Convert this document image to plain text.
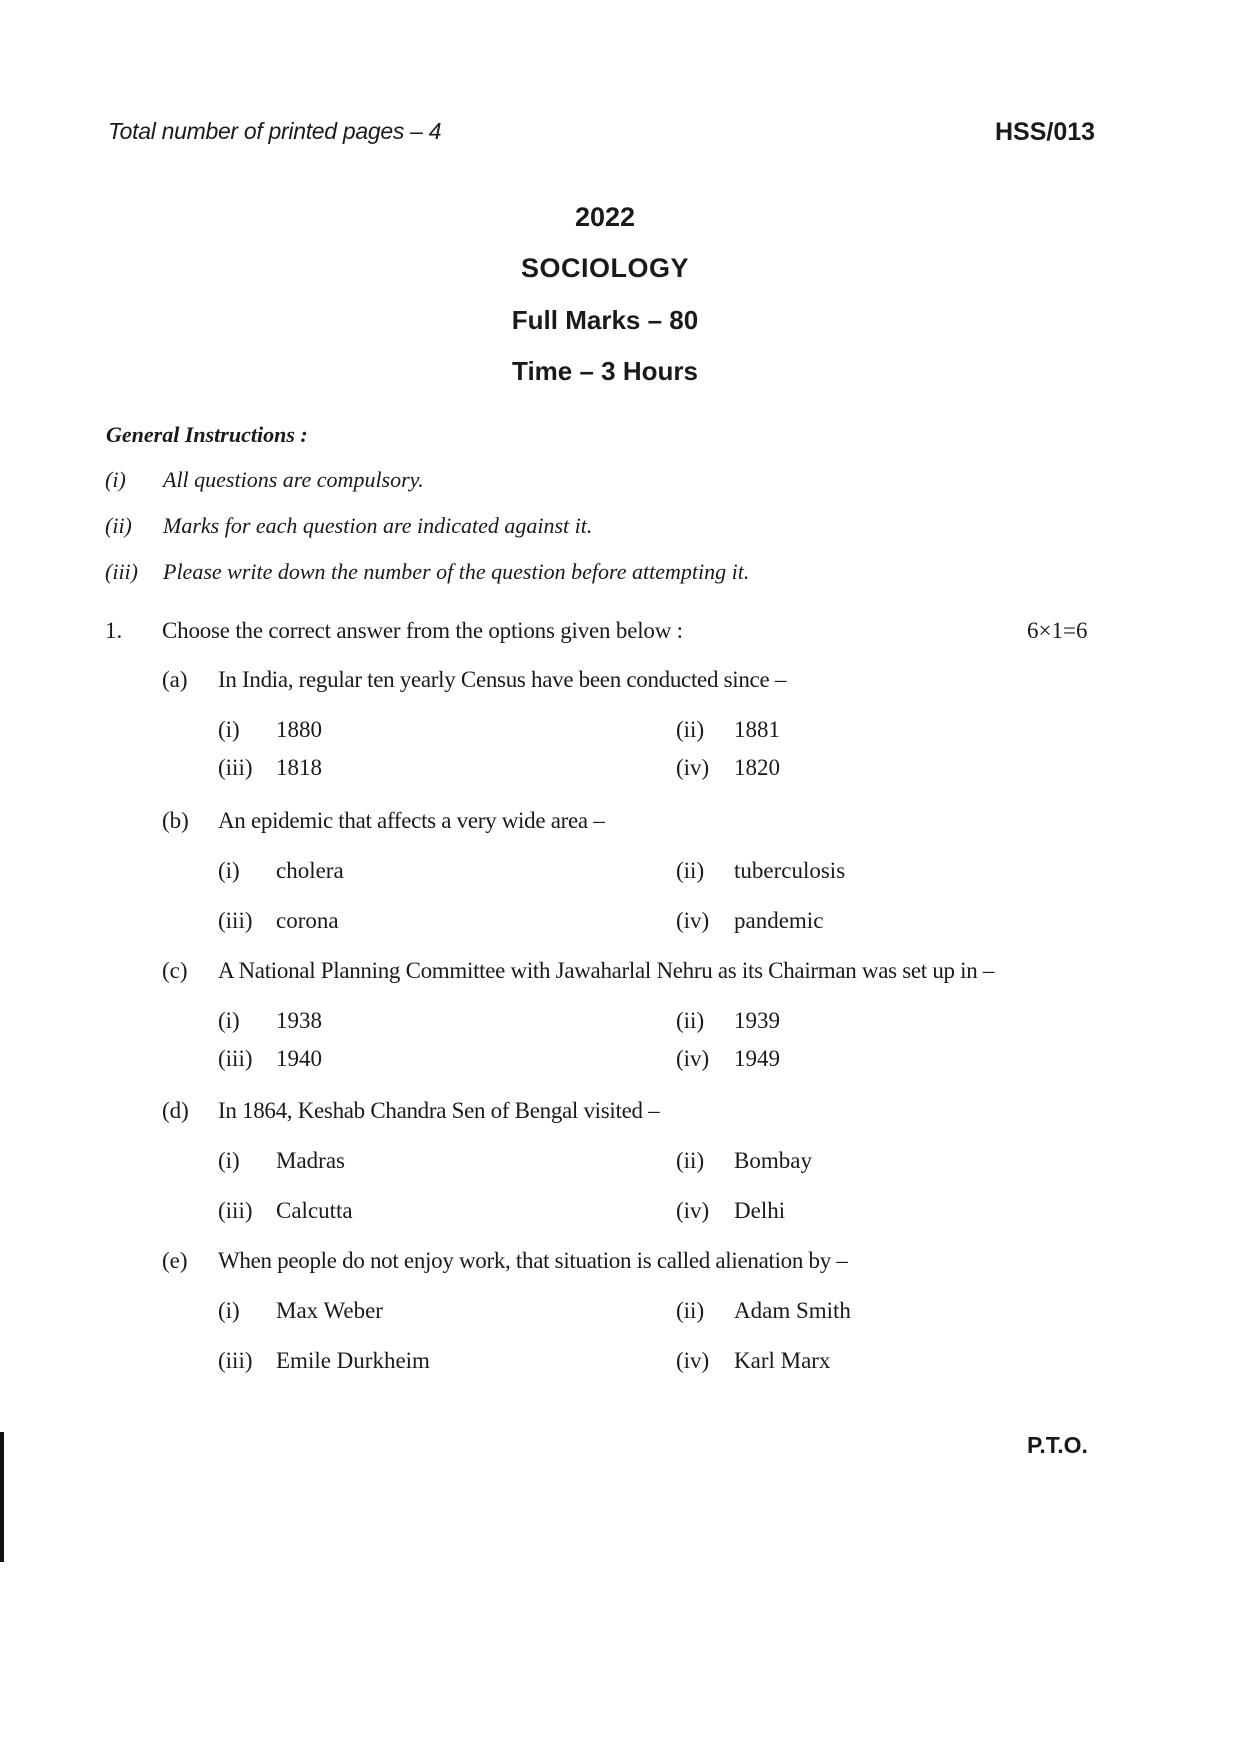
Total number of printed pages – 4	HSS/013
2022
SOCIOLOGY
Full Marks – 80
Time – 3 Hours
General Instructions :
(i) All questions are compulsory.
(ii) Marks for each question are indicated against it.
(iii) Please write down the number of the question before attempting it.
1. Choose the correct answer from the options given below :	6×1=6
(a) In India, regular ten yearly Census have been conducted since –
(i) 1880	(ii) 1881
(iii) 1818	(iv) 1820
(b) An epidemic that affects a very wide area –
(i) cholera	(ii) tuberculosis
(iii) corona	(iv) pandemic
(c) A National Planning Committee with Jawaharlal Nehru as its Chairman was set up in –
(i) 1938	(ii) 1939
(iii) 1940	(iv) 1949
(d) In 1864, Keshab Chandra Sen of Bengal visited –
(i) Madras	(ii) Bombay
(iii) Calcutta	(iv) Delhi
(e) When people do not enjoy work, that situation is called alienation by –
(i) Max Weber	(ii) Adam Smith
(iii) Emile Durkheim	(iv) Karl Marx
P.T.O.
